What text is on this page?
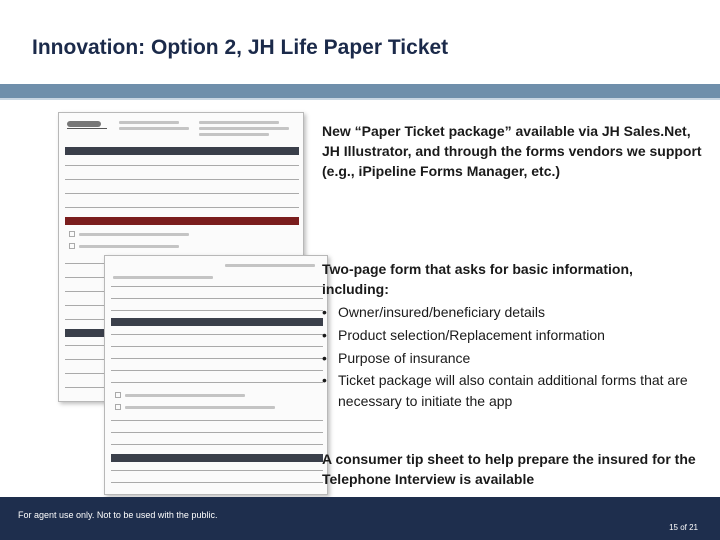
Innovation: Option 2, JH Life Paper Ticket
New “Paper Ticket package” available via JH Sales.Net, JH Illustrator, and through the forms vendors we support (e.g., iPipeline Forms Manager, etc.)
Two-page form that asks for basic information, including:
• Owner/insured/beneficiary details
• Product selection/Replacement information
• Purpose of insurance
• Ticket package will also contain additional forms that are necessary to initiate the app
A consumer tip sheet to help prepare the insured for the Telephone Interview is available
For agent use only. Not to be used with the public.
15 of 21
